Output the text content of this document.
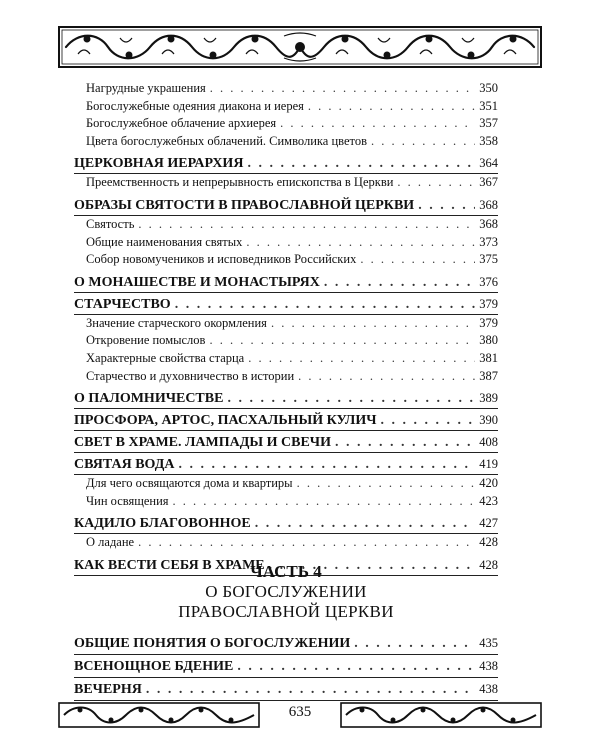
Нагрудные украшения . . .	350
Богослужебные одеяния диакона и иерея . . .	351
Богослужебное облачение архиерея . . .	357
Цвета богослужебных облачений. Символика цветов . . .	358
ЦЕРКОВНАЯ ИЕРАРХИЯ . . .	364
Преемственность и непрерывность епископства в Церкви . . .	367
ОБРАЗЫ СВЯТОСТИ В ПРАВОСЛАВНОЙ ЦЕРКВИ . . .	368
Святость . . .	368
Общие наименования святых . . .	373
Собор новомучеников и исповедников Российских . . .	375
О МОНАШЕСТВЕ И МОНАСТЫРЯХ . . .	376
СТАРЧЕСТВО . . .	379
Значение старческого окормления . . .	379
Откровение помыслов . . .	380
Характерные свойства старца . . .	381
Старчество и духовничество в истории . . .	387
О ПАЛОМНИЧЕСТВЕ . . .	389
ПРОСФОРА, АРТОС, ПАСХАЛЬНЫЙ КУЛИЧ . . .	390
СВЕТ В ХРАМЕ. ЛАМПАДЫ И СВЕЧИ . . .	408
СВЯТАЯ ВОДА . . .	419
Для чего освящаются дома и квартиры . . .	420
Чин освящения . . .	423
КАДИЛО БЛАГОВОННОЕ . . .	427
О ладане . . .	428
КАК ВЕСТИ СЕБЯ В ХРАМЕ . . .	428
ЧАСТЬ 4
О БОГОСЛУЖЕНИИ
ПРАВОСЛАВНОЙ ЦЕРКВИ
ОБЩИЕ ПОНЯТИЯ О БОГОСЛУЖЕНИИ . . .	435
ВСЕНОЩНОЕ БДЕНИЕ . . .	438
ВЕЧЕРНЯ . . .	438
635
